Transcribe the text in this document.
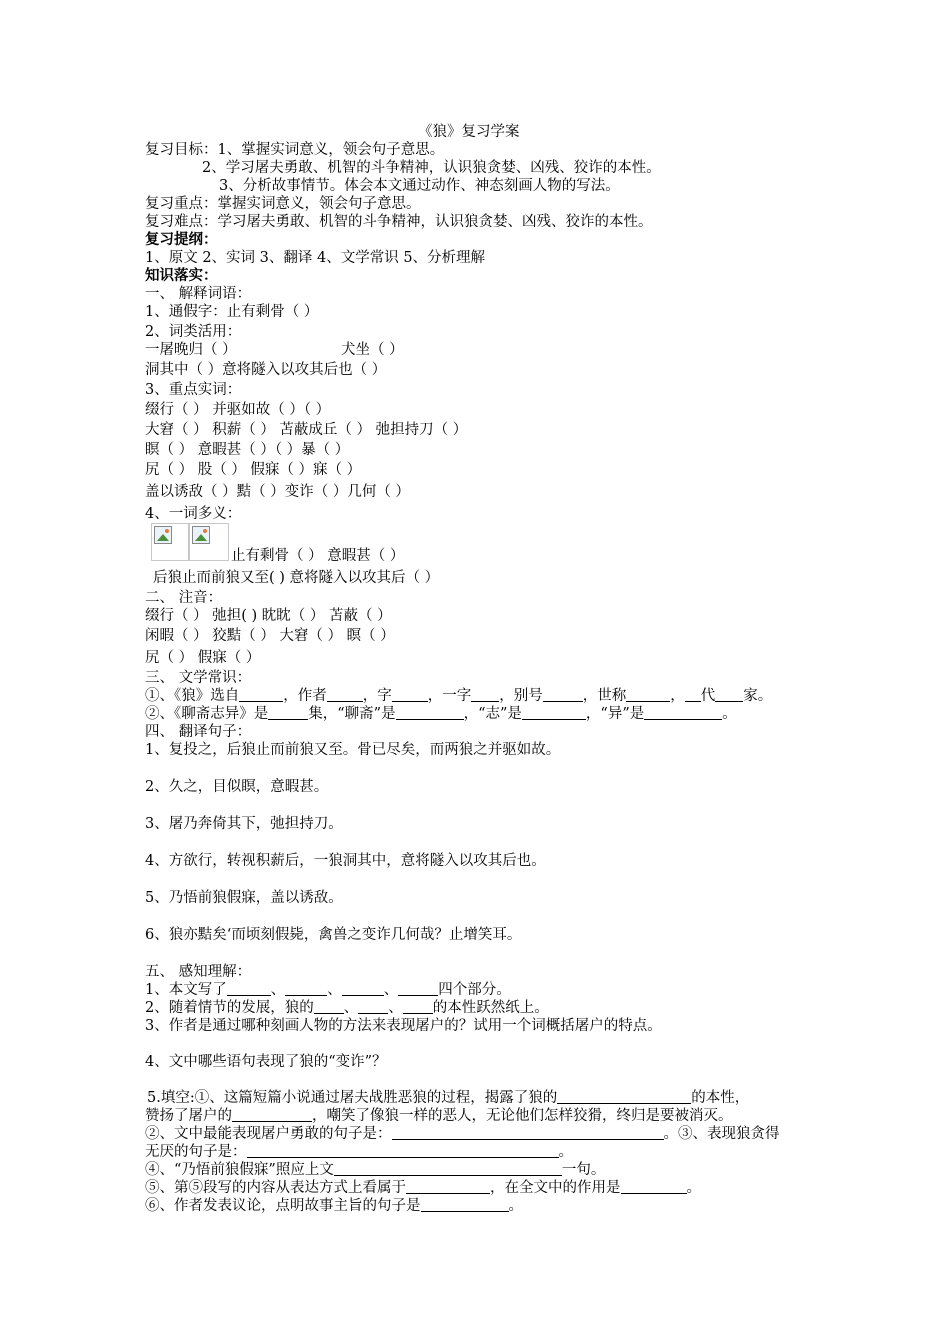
《狼》复习学案
复习目标：1、掌握实词意义，领会句子意思。
2、学习屠夫勇敢、机智的斗争精神，认识狼贪婪、凶残、狡诈的本性。
3、分析故事情节。体会本文通过动作、神态刻画人物的写法。
复习重点：掌握实词意义，领会句子意思。
复习难点：学习屠夫勇敢、机智的斗争精神，认识狼贪婪、凶残、狡诈的本性。
复习提纲：
1、原文 2、实词 3、翻译 4、文学常识 5、分析理解
知识落实：
一、 解释词语：
1、通假字：止有剩骨（ ）
2、词类活用：
一屠晚归（ ）	犬坐（ ）
洞其中（ ）意将隧入以攻其后也（ ）
3、重点实词：
缀行（ ） 并驱如故（ ）（ ）
大窘（ ） 积薪（ ） 苫蔽成丘（ ） 弛担持刀（ ）
瞑（ ） 意暇甚（ ）（ ）暴（ ）
尻（ ） 股（ ） 假寐（ ）寐（ ）
盖以诱敌（ ）黠（ ）变诈（ ）几何（ ）
4、一词多义：
止有剩骨（ ） 意暇甚（ ）
后狼止而前狼又至( ) 意将隧入以攻其后（ ）
二、 注音：
缀行（ ） 弛担( ) 眈眈（ ） 苫蔽（ ）
闲暇（ ） 狡黠（ ） 大窘（ ） 瞑（ ）
尻（ ） 假寐（ ）
三、 文学常识：
①、《狼》选自	，作者 ，字 ，一字 ，别号	，世称	， 代 家。
②、《聊斋志异》是	集，“聊斋”是	，“志”是	，“异”是	。
四、 翻译句子：
1、复投之，后狼止而前狼又至。骨已尽矣，而两狼之并驱如故。
2、久之，目似瞑，意暇甚。
3、屠乃奔倚其下，弛担持刀。
4、方欲行，转视积薪后，一狼洞其中，意将隧入以攻其后也。
5、乃悟前狼假寐，盖以诱敌。
6、狼亦黠矣‘而顷刻假毙，禽兽之变诈几何哉？止增笑耳。
五、 感知理解：
1、本文写了	、	、	、	四个部分。
2、随着情节的发展，狼的 、 、 的本性跃然纸上。
3、作者是通过哪种刻画人物的方法来表现屠户的？试用一个词概括屠户的特点。
4、文中哪些语句表现了狼的“变诈”？
5.填空:①、这篇短篇小说通过屠夫战胜恶狼的过程，揭露了狼的	的本性，
赞扬了屠户的	，嘲笑了像狼一样的恶人，无论他们怎样狡猾，终归是要被消灭。
②、文中最能表现屠户勇敢的句子是：	。③、表现狼贪得
无厌的句子是：	。
④、“乃悟前狼假寐”照应上文	一句。
⑤、第⑤段写的内容从表达方式上看属于	，在全文中的作用是	。
⑥、作者发表议论，点明故事主旨的句子是	。
